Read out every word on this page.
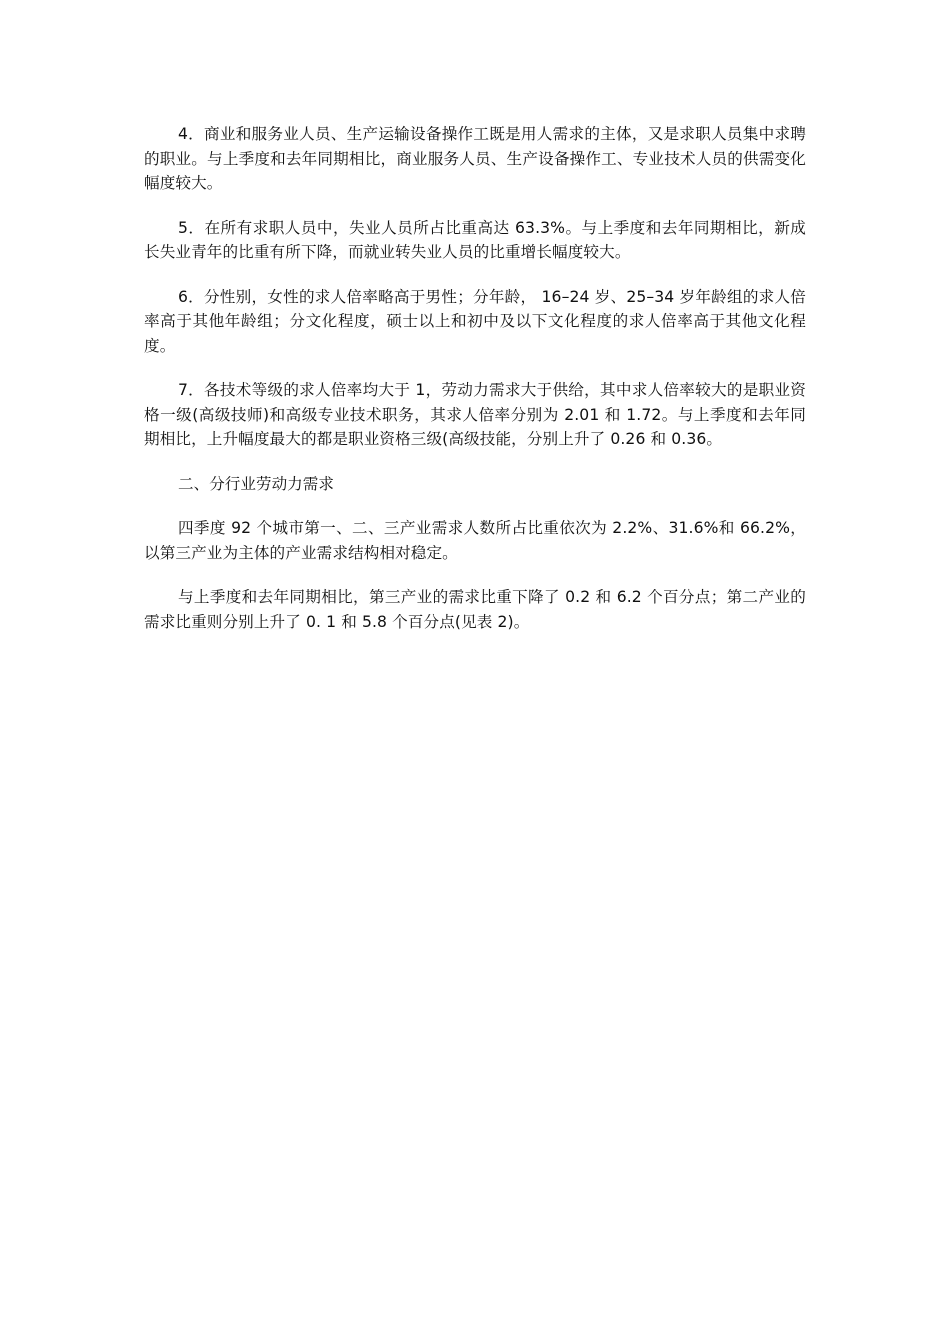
4．商业和服务业人员、生产运输设备操作工既是用人需求的主体，又是求职人员集中求聘的职业。与上季度和去年同期相比，商业服务人员、生产设备操作工、专业技术人员的供需变化幅度较大。

5．在所有求职人员中，失业人员所占比重高达 63.3%。与上季度和去年同期相比，新成长失业青年的比重有所下降，而就业转失业人员的比重增长幅度较大。

6．分性别，女性的求人倍率略高于男性；分年龄， 16–24 岁、25–34 岁年龄组的求人倍率高于其他年龄组；分文化程度，硕士以上和初中及以下文化程度的求人倍率高于其他文化程度。

7．各技术等级的求人倍率均大于 1，劳动力需求大于供给，其中求人倍率较大的是职业资格一级(高级技师)和高级专业技术职务，其求人倍率分别为 2.01 和 1.72。与上季度和去年同期相比，上升幅度最大的都是职业资格三级(高级技能，分别上升了 0.26 和 0.36。

二、分行业劳动力需求

四季度 92 个城市第一、二、三产业需求人数所占比重依次为 2.2%、31.6%和 66.2%，以第三产业为主体的产业需求结构相对稳定。

与上季度和去年同期相比，第三产业的需求比重下降了 0.2 和 6.2 个百分点；第二产业的需求比重则分别上升了 0. 1 和 5.8 个百分点(见表 2)。
